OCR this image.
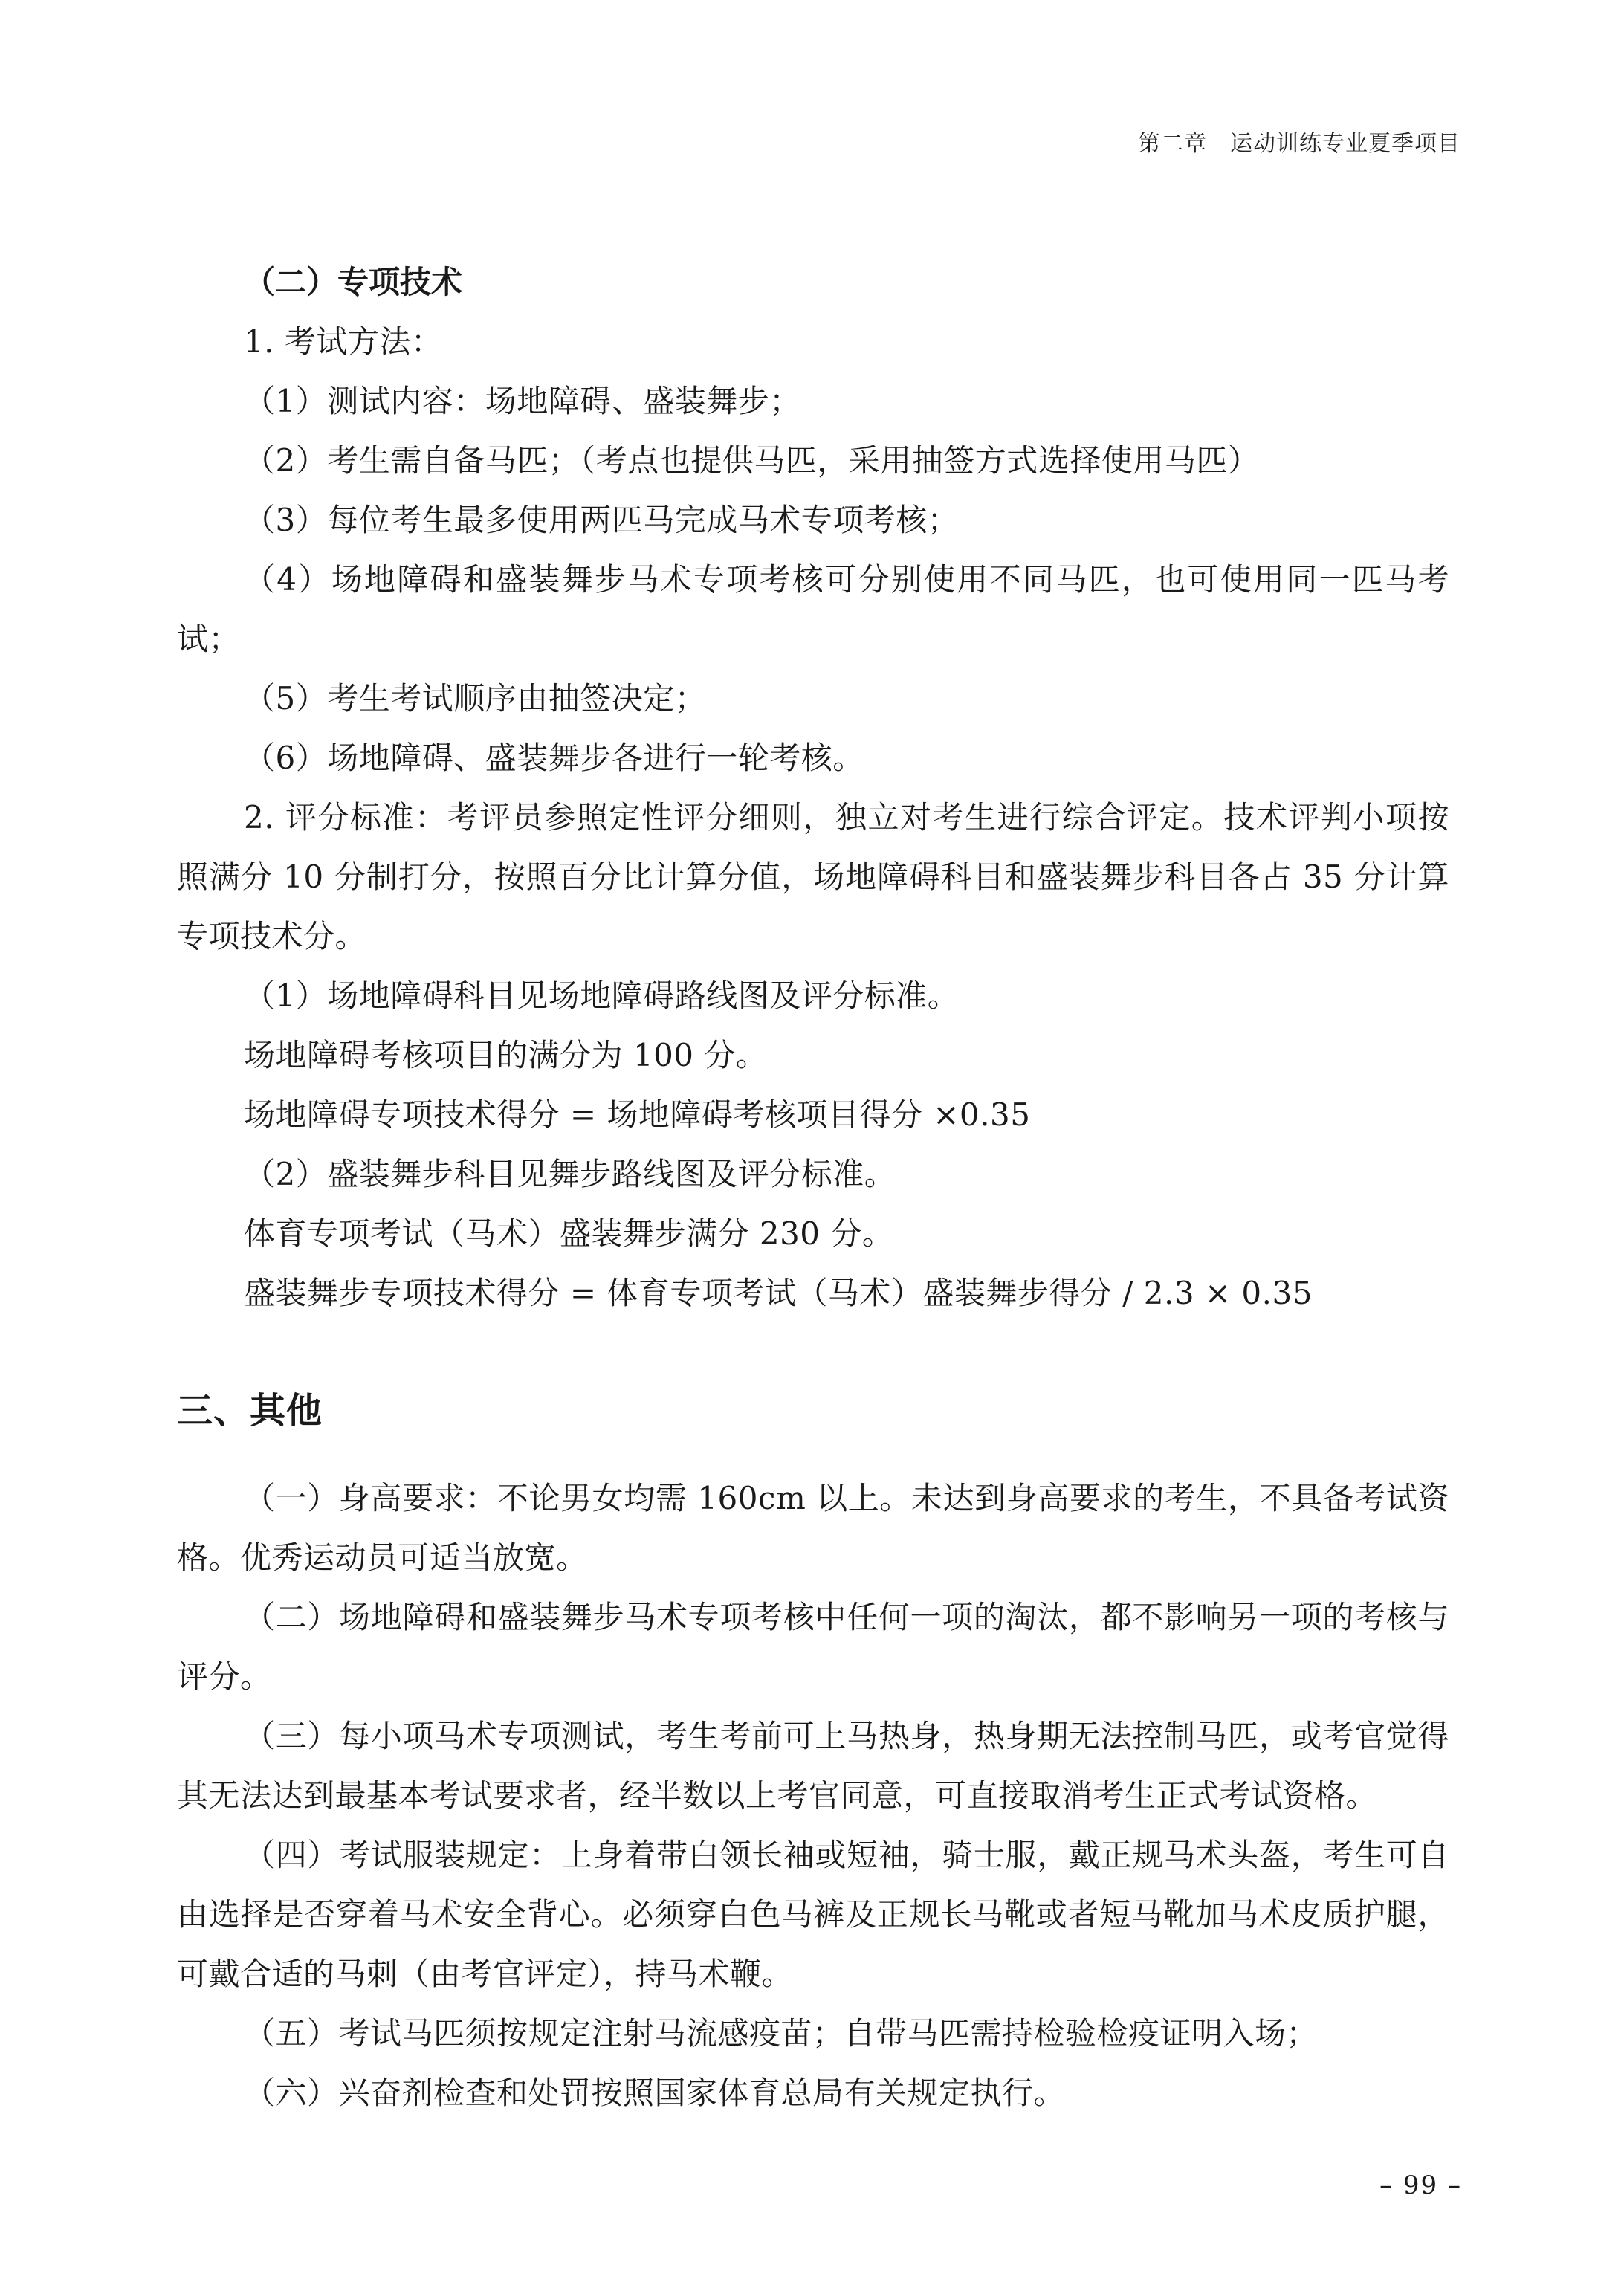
第二章　运动训练专业夏季项目

（二）专项技术

1. 考试方法：

（1）测试内容：场地障碍、盛装舞步；

（2）考生需自备马匹；（考点也提供马匹，采用抽签方式选择使用马匹）

（3）每位考生最多使用两匹马完成马术专项考核；

（4）场地障碍和盛装舞步马术专项考核可分别使用不同马匹，也可使用同一匹马考试；

（5）考生考试顺序由抽签决定；

（6）场地障碍、盛装舞步各进行一轮考核。

2. 评分标准：考评员参照定性评分细则，独立对考生进行综合评定。技术评判小项按照满分 10 分制打分，按照百分比计算分值，场地障碍科目和盛装舞步科目各占 35 分计算专项技术分。

（1）场地障碍科目见场地障碍路线图及评分标准。

场地障碍考核项目的满分为 100 分。

场地障碍专项技术得分 = 场地障碍考核项目得分 ×0.35

（2）盛装舞步科目见舞步路线图及评分标准。

体育专项考试（马术）盛装舞步满分 230 分。

盛装舞步专项技术得分 = 体育专项考试（马术）盛装舞步得分 / 2.3 × 0.35

三、其他

（一）身高要求：不论男女均需 160cm 以上。未达到身高要求的考生，不具备考试资格。优秀运动员可适当放宽。

（二）场地障碍和盛装舞步马术专项考核中任何一项的淘汰，都不影响另一项的考核与评分。

（三）每小项马术专项测试，考生考前可上马热身，热身期无法控制马匹，或考官觉得其无法达到最基本考试要求者，经半数以上考官同意，可直接取消考生正式考试资格。

（四）考试服装规定：上身着带白领长袖或短袖，骑士服，戴正规马术头盔，考生可自由选择是否穿着马术安全背心。必须穿白色马裤及正规长马靴或者短马靴加马术皮质护腿，可戴合适的马刺（由考官评定），持马术鞭。

（五）考试马匹须按规定注射马流感疫苗；自带马匹需持检验检疫证明入场；

（六）兴奋剂检查和处罚按照国家体育总局有关规定执行。

– 99 –
